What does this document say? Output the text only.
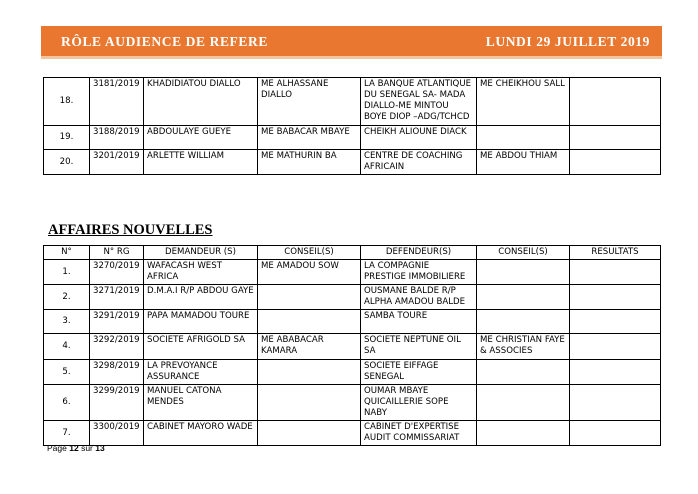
RÔLE AUDIENCE DE REFERE	LUNDI 29 JUILLET 2019
18.	3181/2019	KHADIDIATOU DIALLO	ME ALHASSANE DIALLO	LA BANQUE ATLANTIQUE DU SENEGAL SA- MADA DIALLO-ME MINTOU BOYE DIOP –ADG/TCHCD	ME CHEIKHOU SALL	
19.	3188/2019	ABDOULAYE GUEYE	ME BABACAR MBAYE	CHEIKH ALIOUNE DIACK		
20.	3201/2019	ARLETTE WILLIAM	ME MATHURIN BA	CENTRE DE COACHING AFRICAIN	ME ABDOU THIAM	
AFFAIRES NOUVELLES
N°	N° RG	DEMANDEUR (S)	CONSEIL(S)	DEFENDEUR(S)	CONSEIL(S)	RESULTATS
1.	3270/2019	WAFACASH WEST AFRICA	ME AMADOU SOW	LA COMPAGNIE PRESTIGE IMMOBILIERE		
2.	3271/2019	D.M.A.I R/P ABDOU GAYE		OUSMANE BALDE R/P ALPHA AMADOU BALDE		
3.	3291/2019	PAPA MAMADOU TOURE		SAMBA TOURE		
4.	3292/2019	SOCIETE AFRIGOLD SA	ME ABABACAR KAMARA	SOCIETE NEPTUNE OIL SA	ME CHRISTIAN FAYE & ASSOCIES	
5.	3298/2019	LA PREVOYANCE ASSURANCE		SOCIETE EIFFAGE SENEGAL		
6.	3299/2019	MANUEL CATONA MENDES		OUMAR MBAYE QUICAILLERIE SOPE NABY		
7.	3300/2019	CABINET MAYORO WADE		CABINET D'EXPERTISE AUDIT COMMISSARIAT		
Page 12 sur 13
